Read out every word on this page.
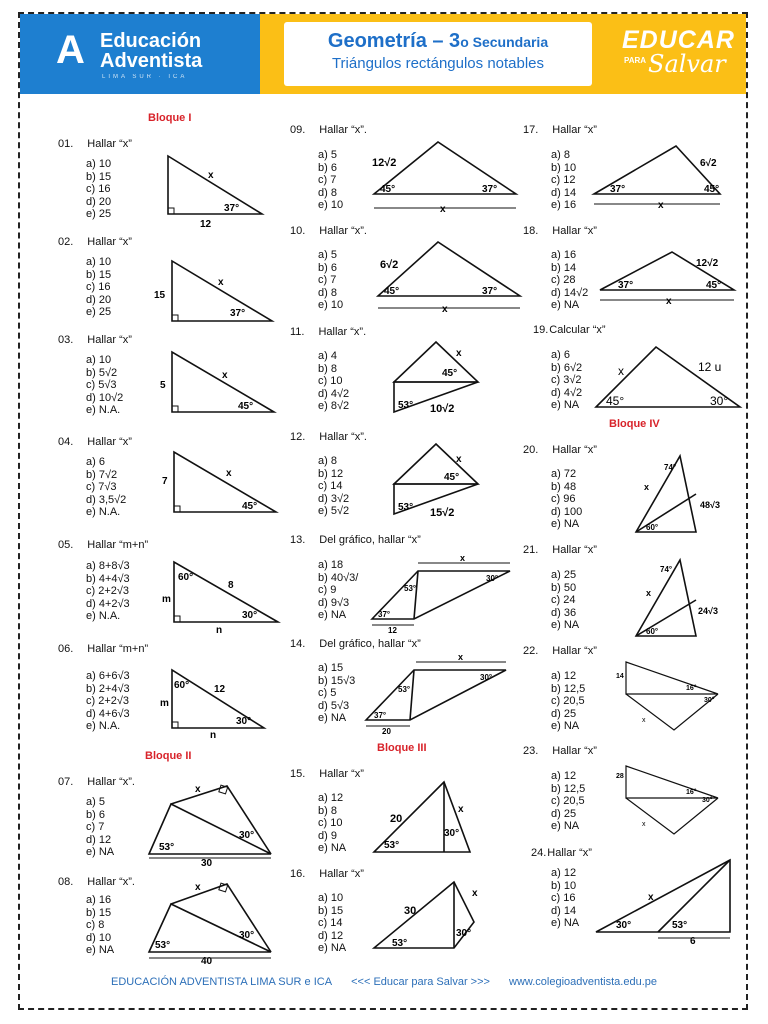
A Educación
Adventista
LIMA SUR · ICA
Geometría – 3o Secundaria
Triángulos rectángulos notables
EDUCAR
PARA Salvar
Bloque I
Bloque II
Bloque III
Bloque IV
01. Hallar “x”
a) 10
b) 15
c) 16
d) 20
e) 25
02. Hallar “x”
a) 10
b) 15
c) 16
d) 20
e) 25
03. Hallar “x”
a) 10
b) 5√2
c) 5√3
d) 10√2
e) N.A.
04. Hallar “x”
a) 6
b) 7√2
c) 7√3
d) 3,5√2
e) N.A.
05. Hallar “m+n”
a) 8+8√3
b) 4+4√3
c) 2+2√3
d) 4+2√3
e) N.A.
06. Hallar “m+n”
a) 6+6√3
b) 2+4√3
c) 2+2√3
d) 4+6√3
e) N.A.
07. Hallar “x”.
a) 5
b) 6
c) 7
d) 12
e) NA
08. Hallar “x”.
a) 16
b) 15
c) 8
d) 10
e) NA
09. Hallar “x”.
a) 5
b) 6
c) 7
d) 8
e) 10
10. Hallar “x”.
a) 5
b) 6
c) 7
d) 8
e) 10
11. Hallar “x”.
a) 4
b) 8
c) 10
d) 4√2
e) 8√2
12. Hallar “x”.
a) 8
b) 12
c) 14
d) 3√2
e) 5√2
13. Del gráfico, hallar “x”
a) 18
b) 40√3/
c) 9
d) 9√3
e) NA
14. Del gráfico, hallar “x”
a) 15
b) 15√3
c) 5
d) 5√3
e) NA
15. Hallar “x”
a) 12
b) 8
c) 10
d) 9
e) NA
16. Hallar “x”
a) 10
b) 15
c) 14
d) 12
e) NA
17. Hallar “x”
a) 8
b) 10
c) 12
d) 14
e) 16
18. Hallar “x”
a) 16
b) 14
c) 28
d) 14√2
e) NA
19.Calcular “x”
a) 6
b) 6√2
c) 3√2
d) 4√2
e) NA
20. Hallar “x”
a) 72
b) 48
c) 96
d) 100
e) NA
21. Hallar “x”
a) 25
b) 50
c) 24
d) 36
e) NA
22. Hallar “x”
a) 12
b) 12,5
c) 20,5
d) 25
e) NA
23. Hallar “x”
a) 12
b) 12,5
c) 20,5
d) 25
e) NA
24.Hallar “x”
a) 12
b) 10
c) 16
d) 14
e) NA
x
37°
12
x
37°
15
x
45°
5
x
45°
7
60°
30°
8
m
n
60°
30°
12
m
n
x
53°
30°
30
x
53°
30°
40
12√2
45°	37°
x
6√2
45°	37°
x
x
45°
53° 10√2
x
45°
53° 15√2
x
30°
53°
37°
12
x
30°
53°
37°
20
20
53°
30°
x
30
53°
30°
x
6√2
37°	45°
x
12√2
37°	45°
x
x	12 u
45°	30°
74°
60°
48√3
x
74°
60°
24√3
x
14
16°
30°
x
28
16°
30°
x
x
30°	53°
6
EDUCACIÓN ADVENTISTA LIMA SUR e ICA <<< Educar para Salvar >>> www.colegioadventista.edu.pe
